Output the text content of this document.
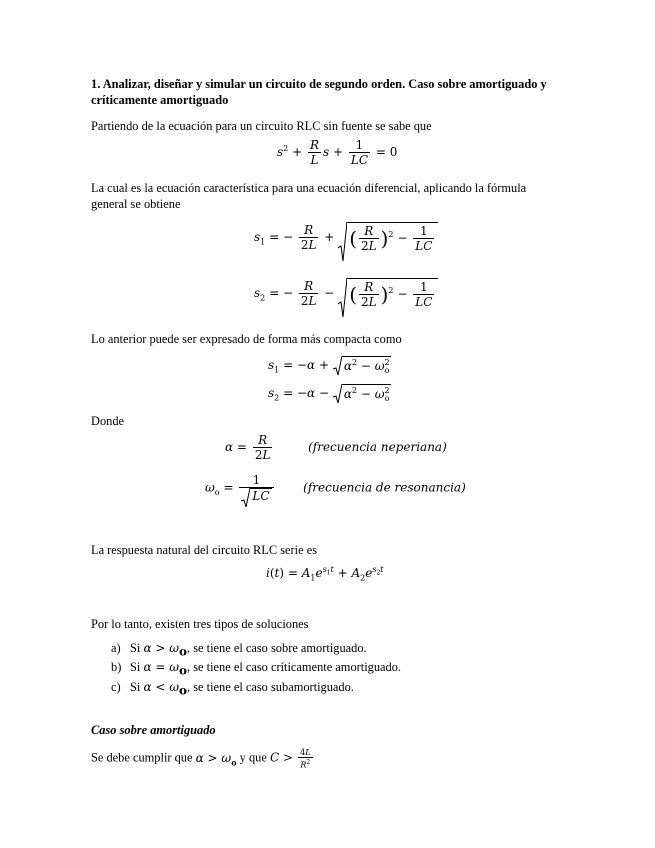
1. Analizar, diseñar y simular un circuito de segundo orden. Caso sobre amortiguado y críticamente amortiguado
Partiendo de la ecuación para un circuito RLC sin fuente se sabe que
$s^2 + \frac{R}{L}$ $s + \frac{1}{LC} = 0$
La cual es la ecuación característica para una ecuación diferencial, aplicando la fórmula general se obtiene
$s_1$ = − $\frac{R}{2L}$ + ( $\frac{R}{2L} )^2 - \frac{1}{LC}$
$s_2$ = − $\frac{R}{2L}$ − ( $\frac{R}{2L} )^2 - \frac{1}{LC}$
Lo anterior puede ser expresado de forma más compacta como
$s_1 = -\alpha + \alpha^2 - \omega^2_o$
$s_2 = -\alpha - \alpha^2 - \omega^2_o$
Donde
$\alpha = \frac{R}{2L}$	(frecuencia neperiana)
$\omega_o = \frac{1}{LC}$ (frecuencia de resonancia)
La respuesta natural del circuito RLC serie es
$i(t) = A_1e^{s_1t} + A_2e^{s_2t}$
Por lo tanto, existen tres tipos de soluciones
a) Si $\alpha > \omega_o$, se tiene el caso sobre amortiguado.
b) Si $\alpha = \omega_o$, se tiene el caso críticamente amortiguado.
c) Si $\alpha < \omega_o$, se tiene el caso subamortiguado.
Caso sobre amortiguado
Se debe cumplir que $\alpha > \omega_o$ y que $C > \frac{4L}{R^2}$
